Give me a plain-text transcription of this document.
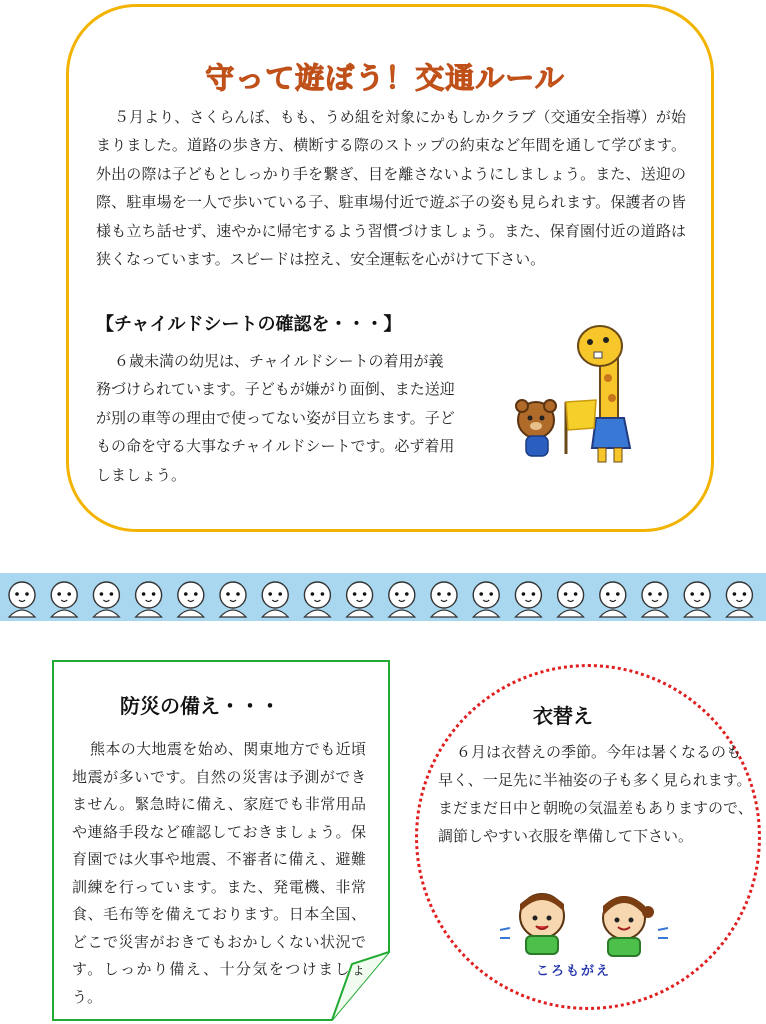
守って遊ぼう！交通ルール

５月より、さくらんぼ、もも、うめ組を対象にかもしかクラブ（交通安全指導）が始まりました。道路の歩き方、横断する際のストップの約束など年間を通して学びます。外出の際は子どもとしっかり手を繋ぎ、目を離さないようにしましょう。また、送迎の際、駐車場を一人で歩いている子、駐車場付近で遊ぶ子の姿も見られます。保護者の皆様も立ち話せず、速やかに帰宅するよう習慣づけましょう。また、保育園付近の道路は狭くなっています。スピードは控え、安全運転を心がけて下さい。

【チャイルドシートの確認を・・・】

６歳未満の幼児は、チャイルドシートの着用が義務づけられています。子どもが嫌がり面倒、また送迎が別の車等の理由で使ってない姿が目立ちます。子どもの命を守る大事なチャイルドシートです。必ず着用しましょう。

防災の備え・・・

熊本の大地震を始め、関東地方でも近頃地震が多いです。自然の災害は予測ができません。緊急時に備え、家庭でも非常用品や連絡手段など確認しておきましょう。保育園では火事や地震、不審者に備え、避難訓練を行っています。また、発電機、非常食、毛布等を備えております。日本全国、どこで災害がおきてもおかしくない状況です。しっかり備え、十分気をつけましょう。

衣替え

６月は衣替えの季節。今年は暑くなるのも早く、一足先に半袖姿の子も多く見られます。まだまだ日中と朝晩の気温差もありますので、調節しやすい衣服を準備して下さい。

ころもがえ
